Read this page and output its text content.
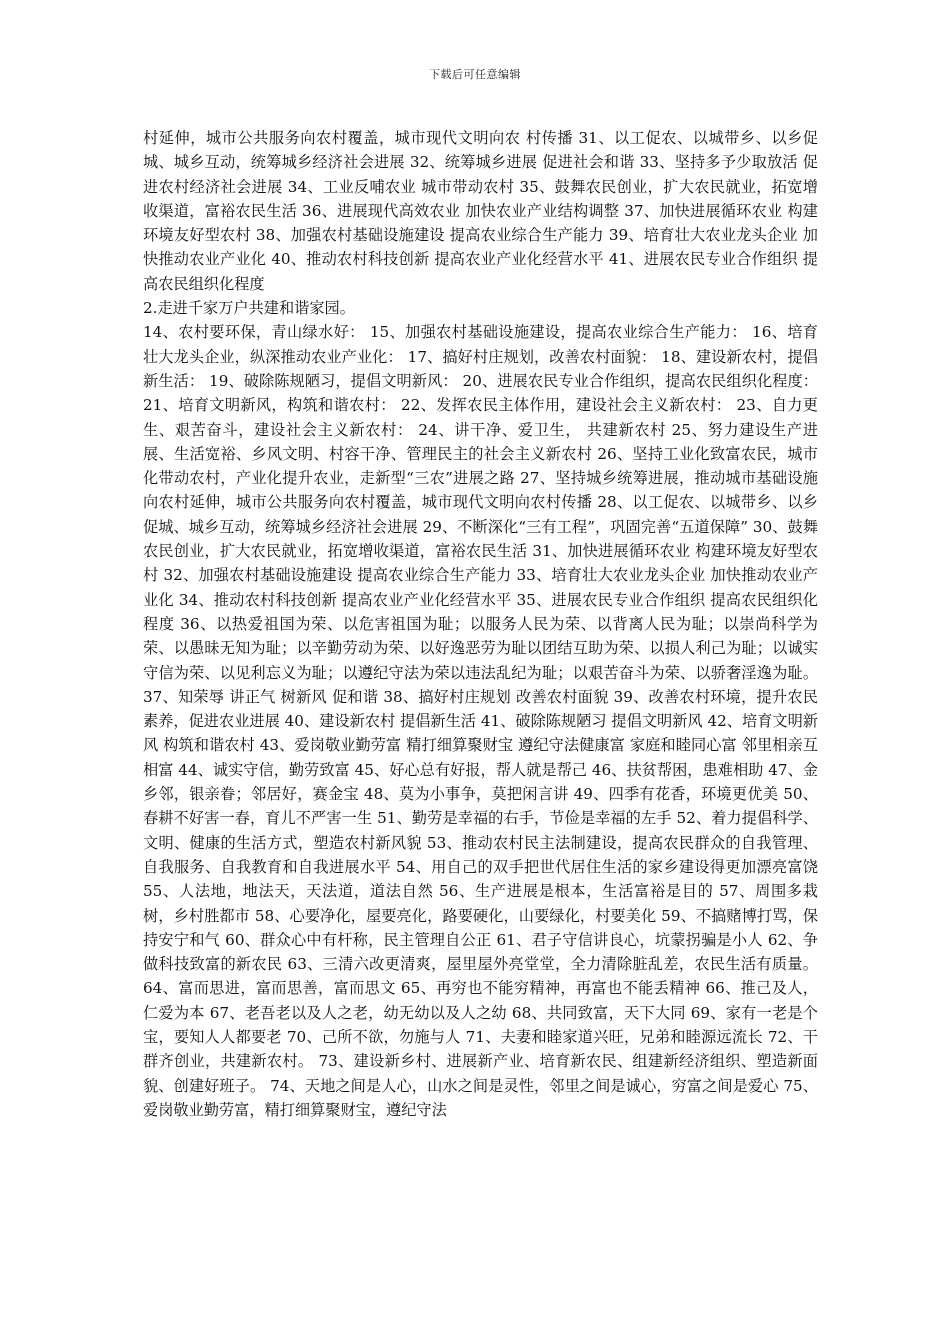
下载后可任意编辑

村延伸，城市公共服务向农村覆盖，城市现代文明向农 村传播 31、以工促农、以城带乡、以乡促城、城乡互动，统筹城乡经济社会进展 32、统筹城乡进展 促进社会和谐 33、坚持多予少取放活 促进农村经济社会进展 34、工业反哺农业 城市带动农村 35、鼓舞农民创业，扩大农民就业，拓宽增收渠道，富裕农民生活 36、进展现代高效农业 加快农业产业结构调整 37、加快进展循环农业 构建环境友好型农村 38、加强农村基础设施建设 提高农业综合生产能力 39、培育壮大农业龙头企业 加快推动农业产业化 40、推动农村科技创新 提高农业产业化经营水平 41、进展农民专业合作组织 提高农民组织化程度

2.走进千家万户共建和谐家园。

14、农村要环保，青山绿水好： 15、加强农村基础设施建设，提高农业综合生产能力： 16、培育壮大龙头企业，纵深推动农业产业化： 17、搞好村庄规划，改善农村面貌： 18、建设新农村，提倡新生活： 19、破除陈规陋习，提倡文明新风： 20、进展农民专业合作组织，提高农民组织化程度： 21、培育文明新风，构筑和谐农村： 22、发挥农民主体作用，建设社会主义新农村： 23、自力更生、艰苦奋斗，建设社会主义新农村： 24、讲干净、爱卫生， 共建新农村 25、努力建设生产进展、生活宽裕、乡风文明、村容干净、管理民主的社会主义新农村 26、坚持工业化致富农民，城市化带动农村，产业化提升农业，走新型“三农”进展之路 27、坚持城乡统筹进展，推动城市基础设施向农村延伸，城市公共服务向农村覆盖，城市现代文明向农村传播 28、以工促农、以城带乡、以乡促城、城乡互动，统筹城乡经济社会进展 29、不断深化“三有工程”，巩固完善“五道保障” 30、鼓舞农民创业，扩大农民就业，拓宽增收渠道，富裕农民生活 31、加快进展循环农业 构建环境友好型农村 32、加强农村基础设施建设 提高农业综合生产能力 33、培育壮大农业龙头企业 加快推动农业产业化 34、推动农村科技创新 提高农业产业化经营水平 35、进展农民专业合作组织 提高农民组织化程度 36、以热爱祖国为荣、以危害祖国为耻；以服务人民为荣、以背离人民为耻；以崇尚科学为荣、以愚昧无知为耻；以辛勤劳动为荣、以好逸恶劳为耻以团结互助为荣、以损人利己为耻；以诚实守信为荣、以见利忘义为耻；以遵纪守法为荣以违法乱纪为耻；以艰苦奋斗为荣、以骄奢淫逸为耻。 37、知荣辱 讲正气 树新风 促和谐 38、搞好村庄规划 改善农村面貌 39、改善农村环境，提升农民素养，促进农业进展 40、建设新农村 提倡新生活 41、破除陈规陋习 提倡文明新风 42、培育文明新风 构筑和谐农村 43、爱岗敬业勤劳富 精打细算聚财宝 遵纪守法健康富 家庭和睦同心富 邻里相亲互相富 44、诚实守信，勤劳致富 45、好心总有好报，帮人就是帮己 46、扶贫帮困，患难相助 47、金乡邻，银亲眷；邻居好，赛金宝 48、莫为小事争，莫把闲言讲 49、四季有花香，环境更优美 50、春耕不好害一春，育儿不严害一生 51、勤劳是幸福的右手，节俭是幸福的左手 52、着力提倡科学、文明、健康的生活方式，塑造农村新风貌 53、推动农村民主法制建设，提高农民群众的自我管理、自我服务、自我教育和自我进展水平 54、用自己的双手把世代居住生活的家乡建设得更加漂亮富饶 55、人法地，地法天，天法道，道法自然 56、生产进展是根本，生活富裕是目的 57、周围多栽树，乡村胜都市 58、心要净化，屋要亮化，路要硬化，山要绿化，村要美化 59、不搞赌博打骂，保持安宁和气 60、群众心中有杆称，民主管理自公正 61、君子守信讲良心，坑蒙拐骗是小人 62、争做科技致富的新农民 63、三清六改更清爽，屋里屋外亮堂堂，全力清除脏乱差，农民生活有质量。 64、富而思进，富而思善，富而思文 65、再穷也不能穷精神，再富也不能丢精神 66、推己及人，仁爱为本 67、老吾老以及人之老，幼无幼以及人之幼 68、共同致富，天下大同 69、家有一老是个宝，要知人人都要老 70、己所不欲，勿施与人 71、夫妻和睦家道兴旺，兄弟和睦源远流长 72、干群齐创业，共建新农村。 73、建设新乡村、进展新产业、培育新农民、组建新经济组织、塑造新面貌、创建好班子。 74、天地之间是人心，山水之间是灵性，邻里之间是诚心，穷富之间是爱心 75、爱岗敬业勤劳富，精打细算聚财宝，遵纪守法
